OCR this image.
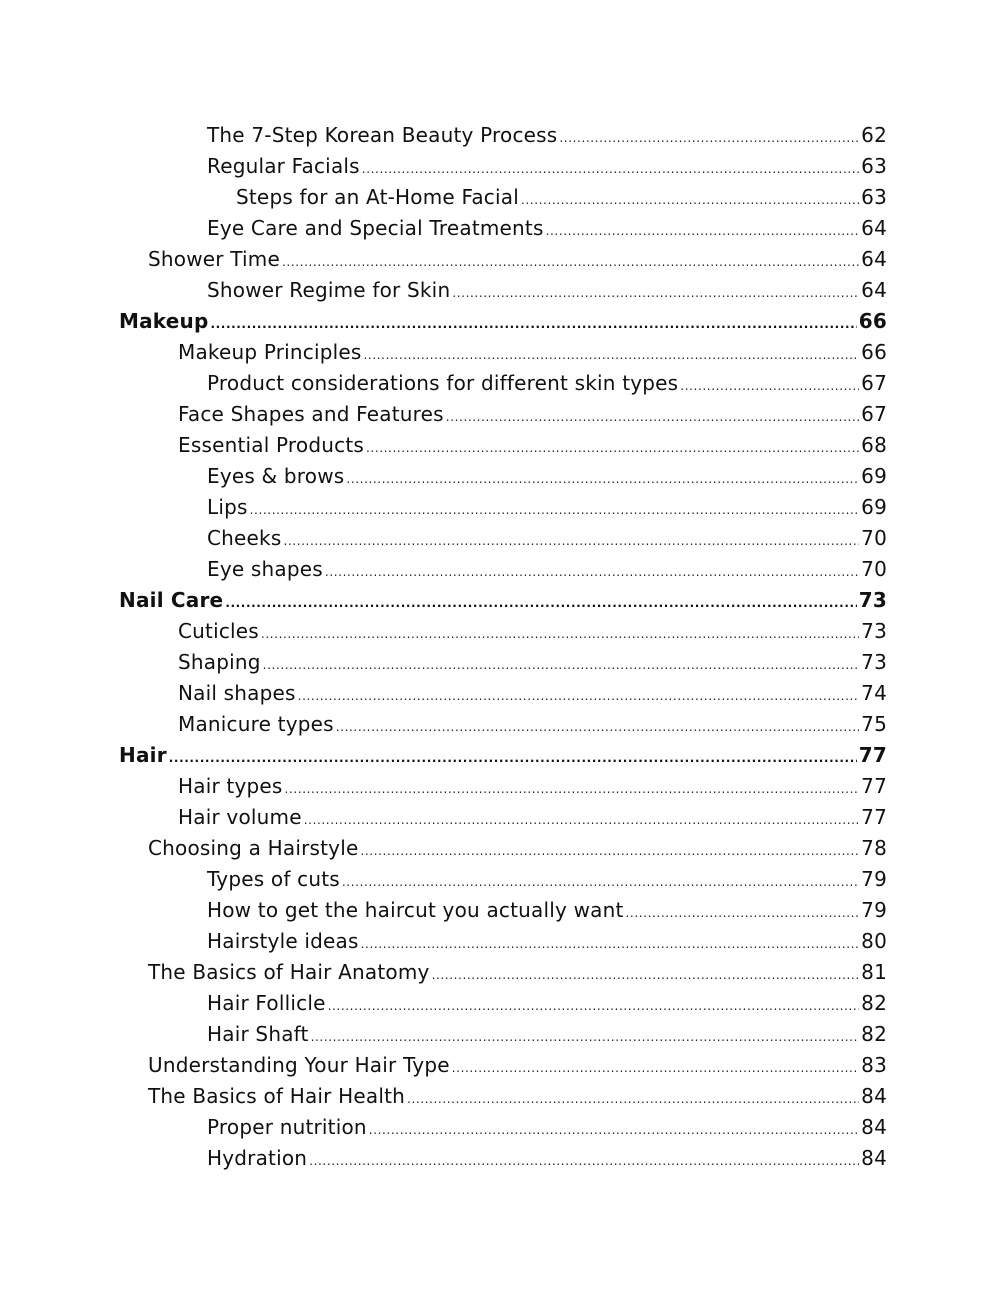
The 7-Step Korean Beauty Process .....	62
Regular Facials .....	63
Steps for an At-Home Facial .....	63
Eye Care and Special Treatments .....	64
Shower Time .....	64
Shower Regime for Skin .....	64
Makeup .....	66
Makeup Principles .....	66
Product considerations for different skin types .....	67
Face Shapes and Features .....	67
Essential Products .....	68
Eyes & brows .....	69
Lips .....	69
Cheeks .....	70
Eye shapes .....	70
Nail Care .....	73
Cuticles .....	73
Shaping .....	73
Nail shapes .....	74
Manicure types .....	75
Hair .....	77
Hair types .....	77
Hair volume .....	77
Choosing a Hairstyle .....	78
Types of cuts .....	79
How to get the haircut you actually want .....	79
Hairstyle ideas .....	80
The Basics of Hair Anatomy .....	81
Hair Follicle .....	82
Hair Shaft .....	82
Understanding Your Hair Type .....	83
The Basics of Hair Health .....	84
Proper nutrition .....	84
Hydration .....	84
